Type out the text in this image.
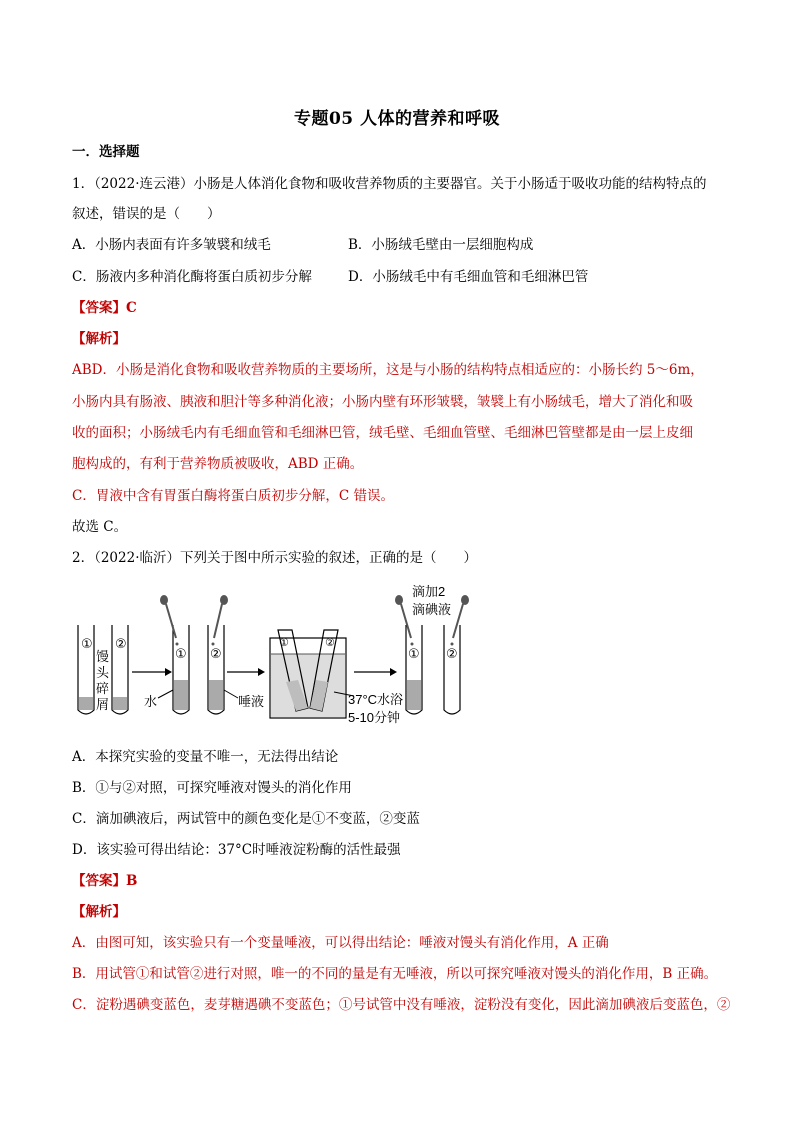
专题05 人体的营养和呼吸
一．选择题
1．（2022·连云港）小肠是人体消化食物和吸收营养物质的主要器官。关于小肠适于吸收功能的结构特点的
叙述，错误的是（　　）
A．小肠内表面有许多皱襞和绒毛	B．小肠绒毛壁由一层细胞构成
C．肠液内多种消化酶将蛋白质初步分解	D．小肠绒毛中有毛细血管和毛细淋巴管
【答案】C
【解析】
ABD．小肠是消化食物和吸收营养物质的主要场所，这是与小肠的结构特点相适应的：小肠长约 5～6m，
小肠内具有肠液、胰液和胆汁等多种消化液；小肠内壁有环形皱襞，皱襞上有小肠绒毛，增大了消化和吸
收的面积；小肠绒毛内有毛细血管和毛细淋巴管，绒毛壁、毛细血管壁、毛细淋巴管壁都是由一层上皮细
胞构成的，有利于营养物质被吸收，ABD 正确。
C．胃液中含有胃蛋白酶将蛋白质初步分解，C 错误。
故选 C。
2．（2022·临沂）下列关于图中所示实验的叙述，正确的是（　　）
① ②
馒
头
碎
屑
① ②
水	唾液
①	②
37°C水浴
5-10分钟
滴加2
滴碘液
① ②
A．本探究实验的变量不唯一，无法得出结论
B．①与②对照，可探究唾液对馒头的消化作用
C．滴加碘液后，两试管中的颜色变化是①不变蓝，②变蓝
D．该实验可得出结论：37°C时唾液淀粉酶的活性最强
【答案】B
【解析】
A．由图可知，该实验只有一个变量唾液，可以得出结论：唾液对馒头有消化作用，A 正确
B．用试管①和试管②进行对照，唯一的不同的量是有无唾液，所以可探究唾液对馒头的消化作用，B 正确。
C．淀粉遇碘变蓝色，麦芽糖遇碘不变蓝色；①号试管中没有唾液，淀粉没有变化，因此滴加碘液后变蓝色，②
